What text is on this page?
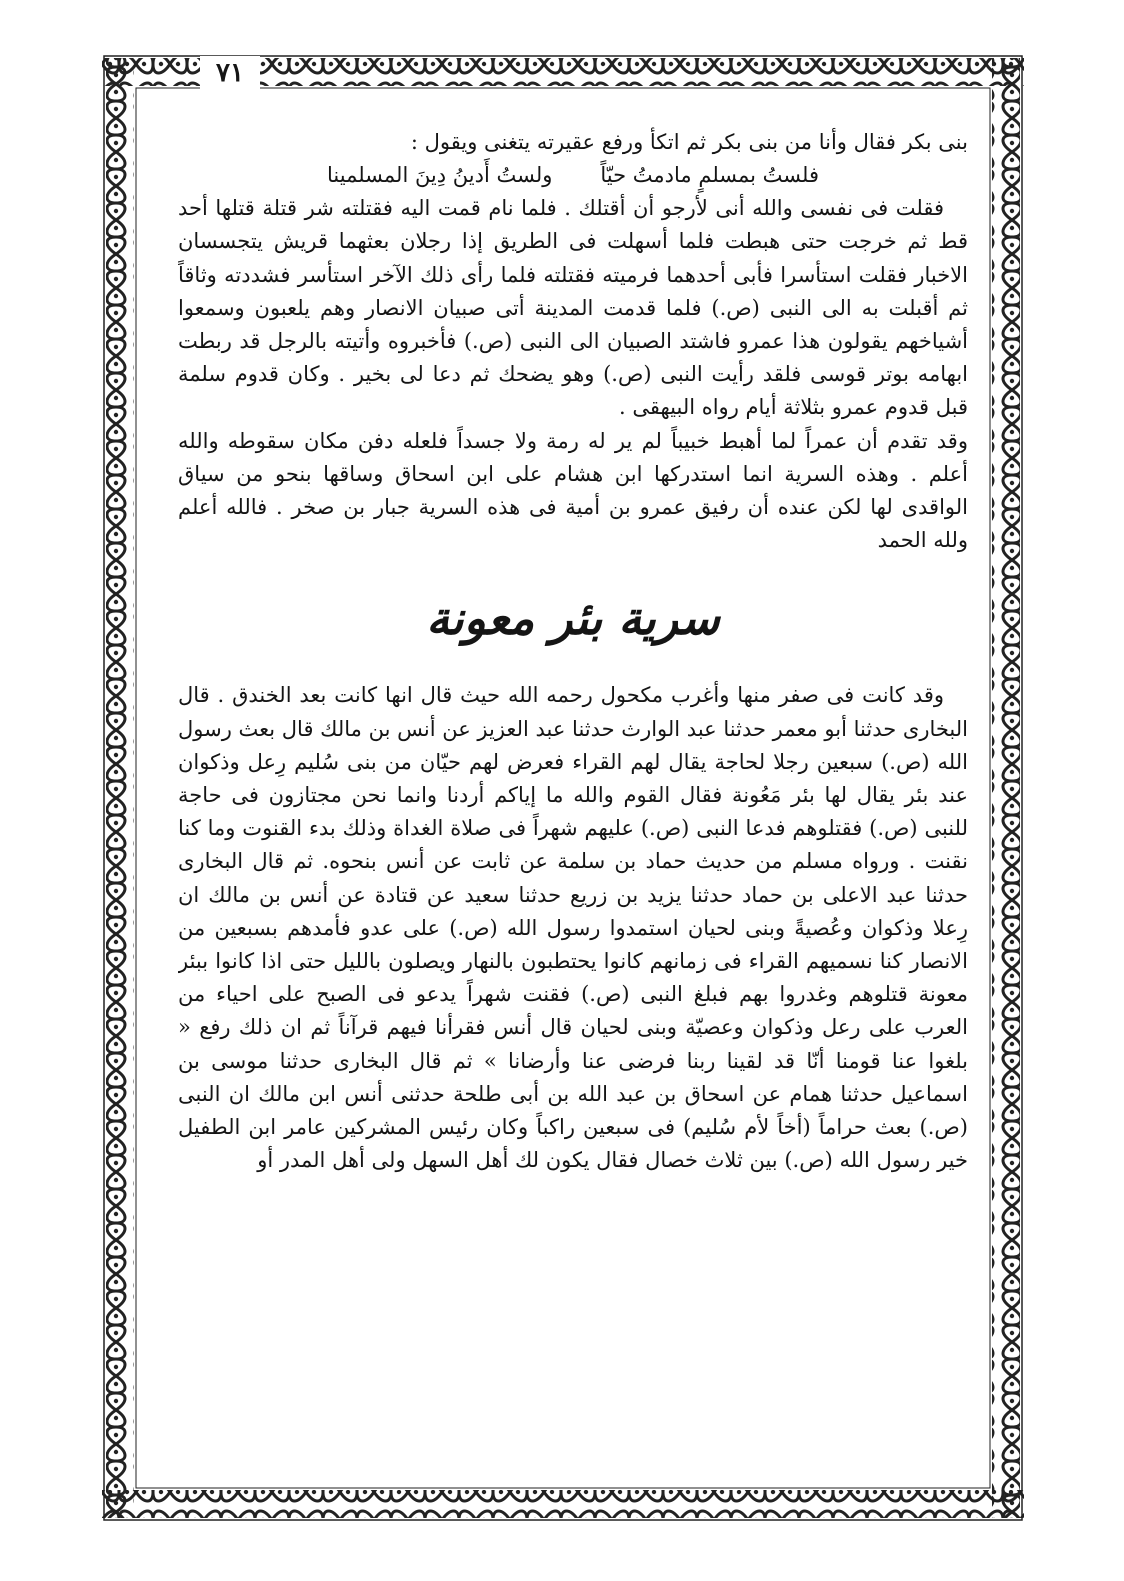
٧١

بنى بكر فقال وأنا من بنى بكر ثم اتكأ ورفع عقيرته يتغنى ويقول :

فلستُ بمسلمٍ مادمتُ حيّاً
ولستُ أَدينُ دِينَ المسلمينا

فقلت فى نفسى والله أنى لأرجو أن أقتلك . فلما نام قمت اليه فقتلته شر قتلة قتلها أحد قط ثم خرجت حتى هبطت فلما أسهلت فى الطريق إذا رجلان بعثهما قريش يتجسسان الاخبار فقلت استأسرا فأبى أحدهما فرميته فقتلته فلما رأى ذلك الآخر استأسر فشددته وثاقاً ثم أقبلت به الى النبى (ص.) فلما قدمت المدينة أتى صبيان الانصار وهم يلعبون وسمعوا أشياخهم يقولون هذا عمرو فاشتد الصبيان الى النبى (ص.) فأخبروه وأتيته بالرجل قد ربطت ابهامه بوتر قوسى فلقد رأيت النبى (ص.) وهو يضحك ثم دعا لى بخير . وكان قدوم سلمة قبل قدوم عمرو بثلاثة أيام رواه البيهقى .

وقد تقدم أن عمراً لما أهبط خبيباً لم ير له رمة ولا جسداً فلعله دفن مكان سقوطه والله أعلم . وهذه السرية انما استدركها ابن هشام على ابن اسحاق وساقها بنحو من سياق الواقدى لها لكن عنده أن رفيق عمرو بن أمية فى هذه السرية جبار بن صخر . فالله أعلم ولله الحمد

سرية بئر معونة

وقد كانت فى صفر منها وأغرب مكحول رحمه الله حيث قال انها كانت بعد الخندق . قال البخارى حدثنا أبو معمر حدثنا عبد الوارث حدثنا عبد العزيز عن أنس بن مالك قال بعث رسول الله (ص.) سبعين رجلا لحاجة يقال لهم القراء فعرض لهم حيّان من بنى سُليم رِعل وذكوان عند بئر يقال لها بئر مَعُونة فقال القوم والله ما إياكم أردنا وانما نحن مجتازون فى حاجة للنبى (ص.) فقتلوهم فدعا النبى (ص.) عليهم شهراً فى صلاة الغداة وذلك بدء القنوت وما كنا نقنت . ورواه مسلم من حديث حماد بن سلمة عن ثابت عن أنس بنحوه. ثم قال البخارى حدثنا عبد الاعلى بن حماد حدثنا يزيد بن زريع حدثنا سعيد عن قتادة عن أنس بن مالك ان رِعلا وذكوان وعُصيةً وبنى لحيان استمدوا رسول الله (ص.) على عدو فأمدهم بسبعين من الانصار كنا نسميهم القراء فى زمانهم كانوا يحتطبون بالنهار ويصلون بالليل حتى اذا كانوا ببئر معونة قتلوهم وغدروا بهم فبلغ النبى (ص.) فقنت شهراً يدعو فى الصبح على احياء من العرب على رعل وذكوان وعصيّة وبنى لحيان قال أنس فقرأنا فيهم قرآناً ثم ان ذلك رفع « بلغوا عنا قومنا أنّا قد لقينا ربنا فرضى عنا وأرضانا » ثم قال البخارى حدثنا موسى بن اسماعيل حدثنا همام عن اسحاق بن عبد الله بن أبى طلحة حدثنى أنس ابن مالك ان النبى (ص.) بعث حراماً (أخاً لأم سُليم) فى سبعين راكباً وكان رئيس المشركين عامر ابن الطفيل خير رسول الله (ص.) بين ثلاث خصال فقال يكون لك أهل السهل ولى أهل المدر أو
